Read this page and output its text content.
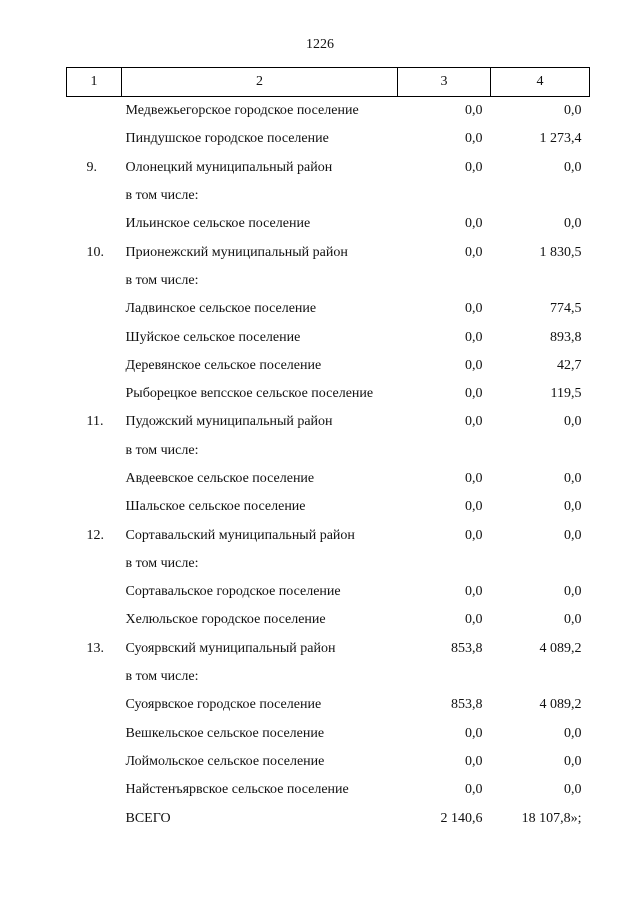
1226
1	2	3	4
	Медвежьегорское городское поселение	0,0	0,0
	Пиндушское городское поселение	0,0	1 273,4
9.	Олонецкий муниципальный район	0,0	0,0
	в том числе:		
	Ильинское сельское поселение	0,0	0,0
10.	Прионежский муниципальный район	0,0	1 830,5
	в том числе:		
	Ладвинское сельское поселение	0,0	774,5
	Шуйское сельское поселение	0,0	893,8
	Деревянское сельское поселение	0,0	42,7
	Рыборецкое вепсское сельское поселение	0,0	119,5
11.	Пудожский муниципальный район	0,0	0,0
	в том числе:		
	Авдеевское сельское поселение	0,0	0,0
	Шальское сельское поселение	0,0	0,0
12.	Сортавальский муниципальный район	0,0	0,0
	в том числе:		
	Сортавальское городское поселение	0,0	0,0
	Хелюльское городское поселение	0,0	0,0
13.	Суоярвский муниципальный район	853,8	4 089,2
	в том числе:		
	Суоярвское городское поселение	853,8	4 089,2
	Вешкельское сельское поселение	0,0	0,0
	Лоймольское сельское поселение	0,0	0,0
	Найстенъярвское сельское поселение	0,0	0,0
	ВСЕГО	2 140,6	18 107,8»;
